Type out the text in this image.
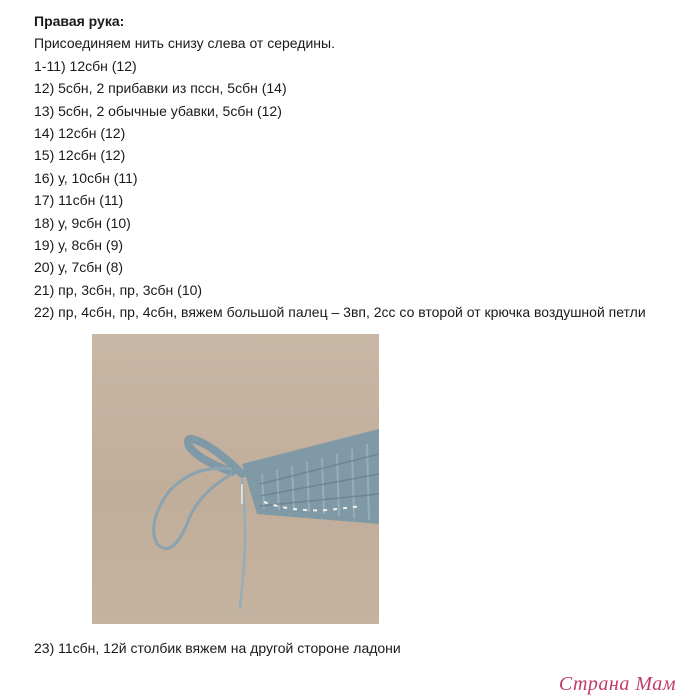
Правая рука:
Присоединяем нить снизу слева от середины.
1-11) 12сбн (12)
12) 5сбн, 2 прибавки из пссн, 5сбн (14)
13) 5сбн, 2 обычные убавки, 5сбн (12)
14) 12сбн (12)
15) 12сбн (12)
16) у, 10сбн (11)
17) 11сбн (11)
18) у, 9сбн (10)
19) у, 8сбн (9)
20) у, 7сбн (8)
21) пр, 3сбн, пр, 3сбн (10)
22) пр, 4сбн, пр, 4сбн, вяжем большой палец – 3вп, 2сс со второй от крючка воздушной петли
23) 11сбн, 12й столбик вяжем на другой стороне ладони
Страна Мам
